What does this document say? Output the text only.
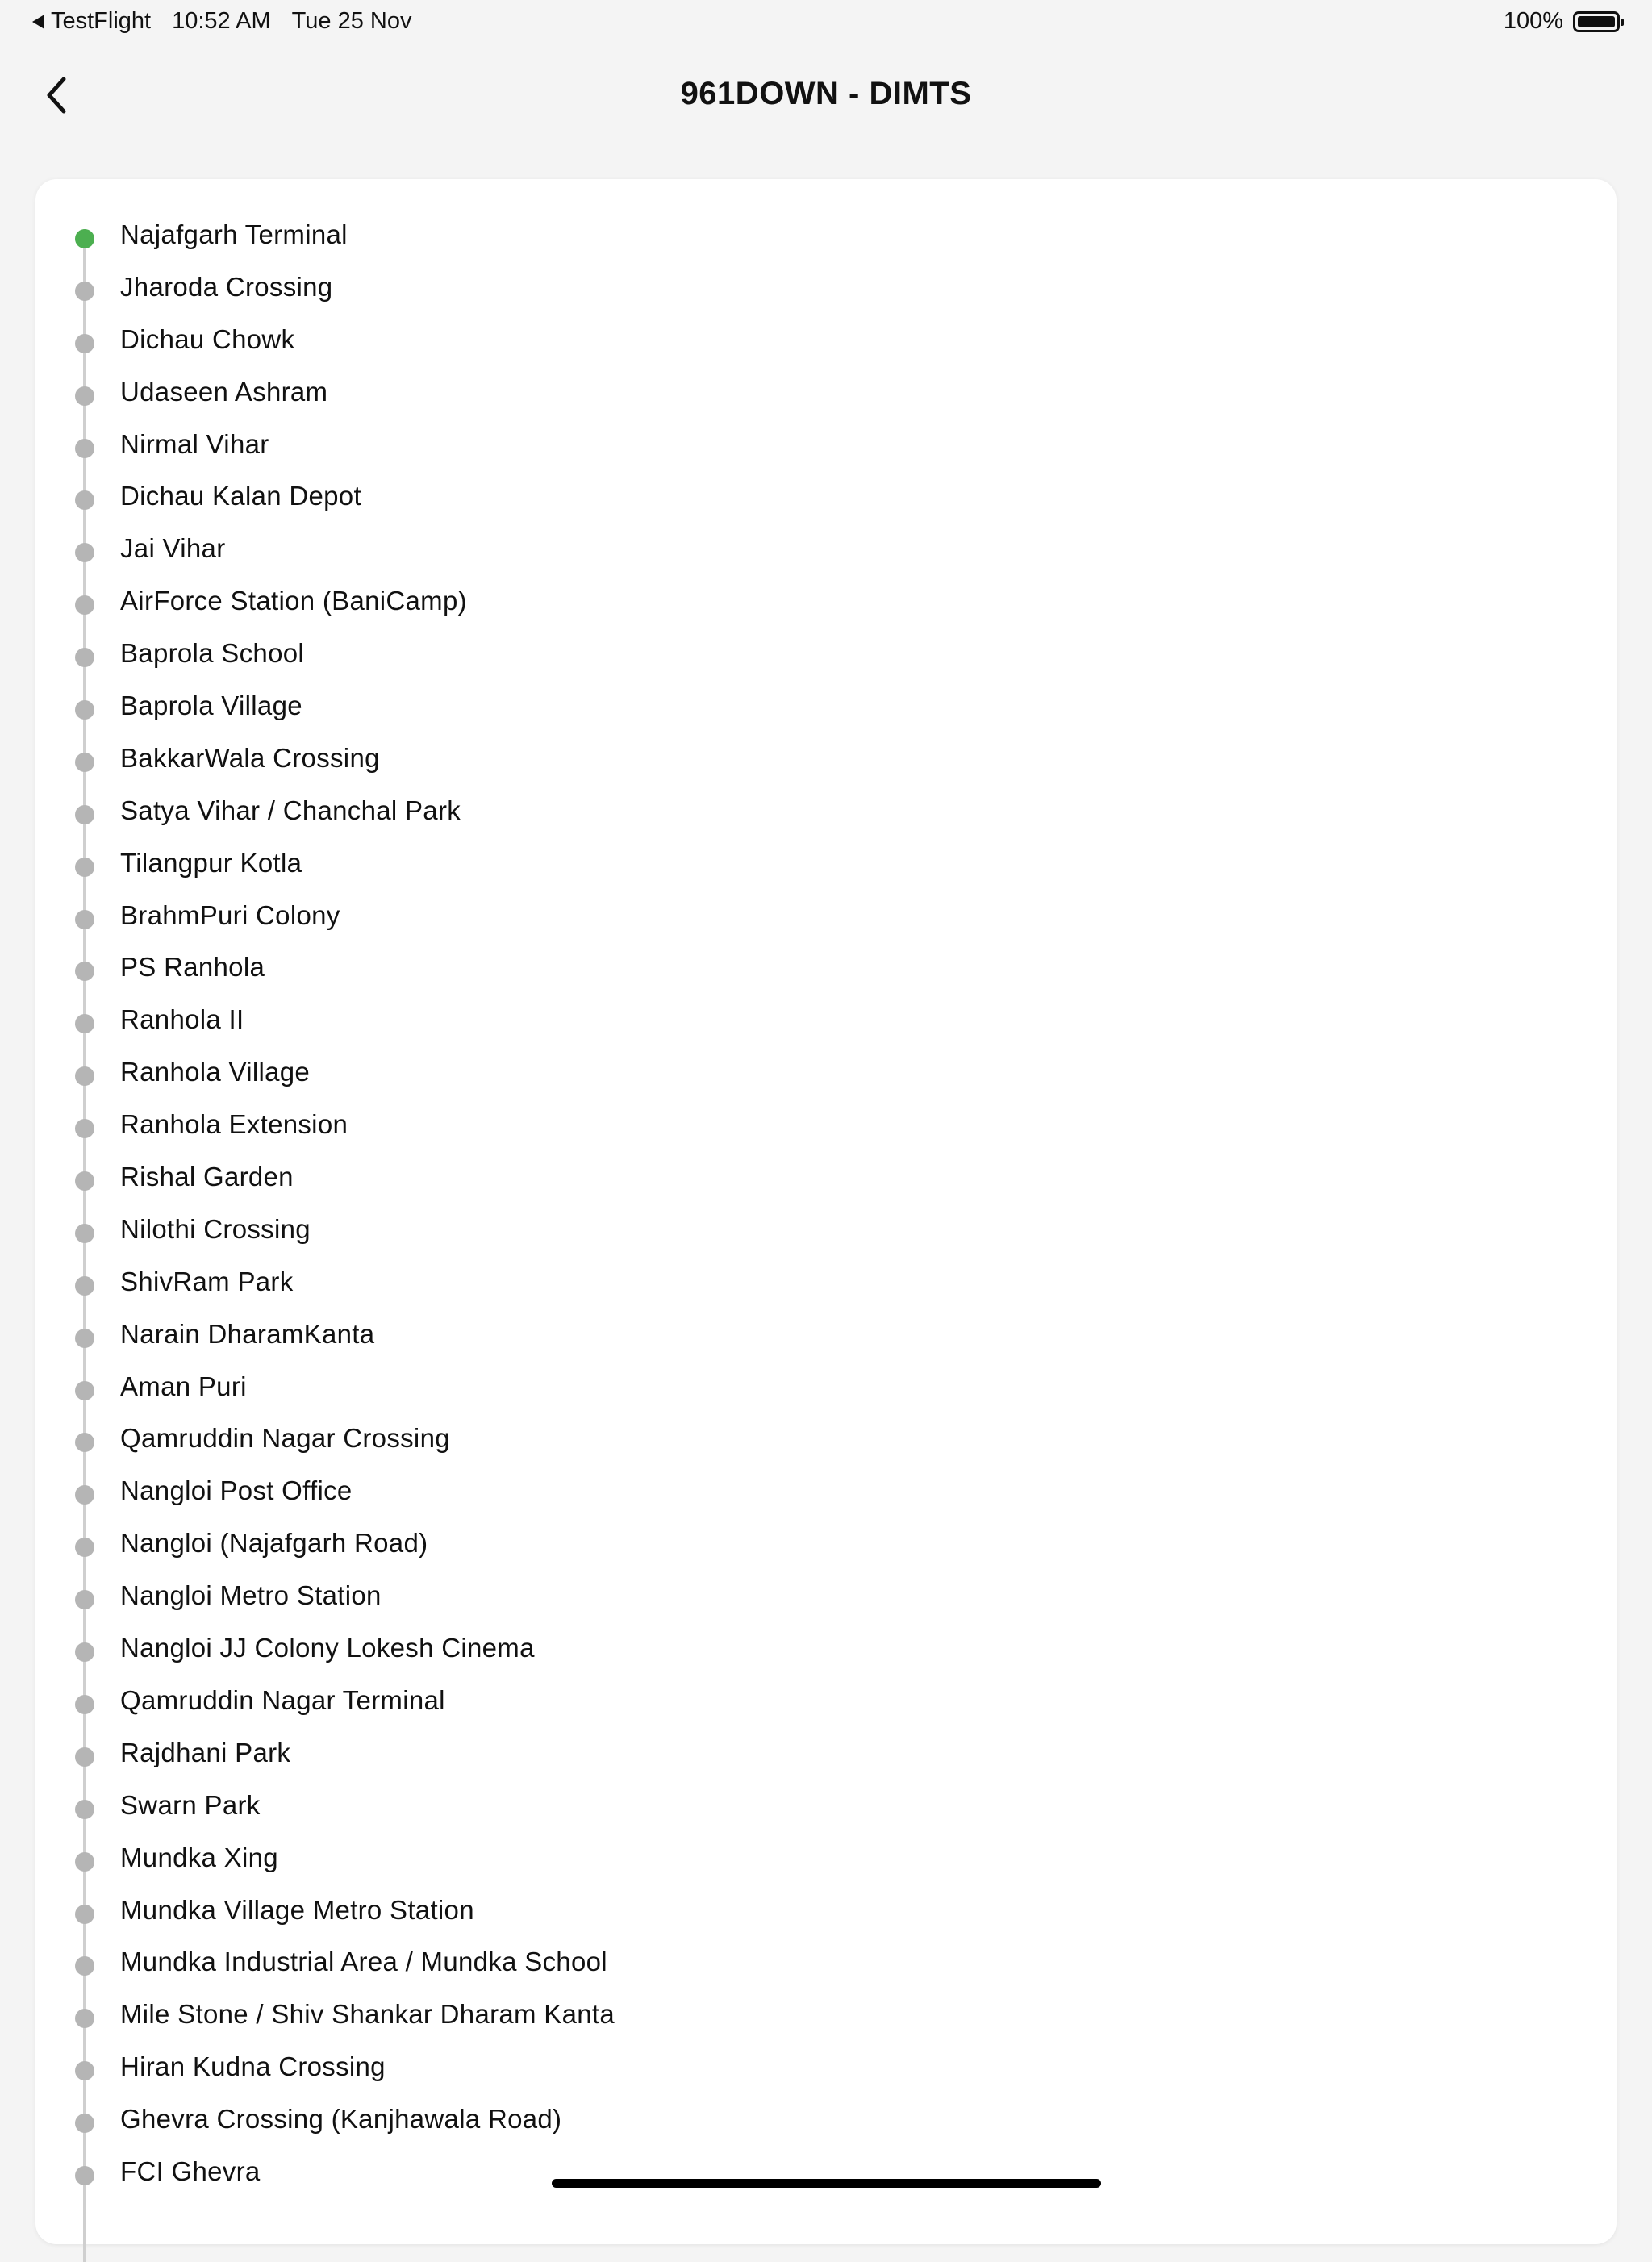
TestFlight 10:52 AM Tue 25 Nov	100%
961DOWN - DIMTS
Najafgarh Terminal
Jharoda Crossing
Dichau Chowk
Udaseen Ashram
Nirmal Vihar
Dichau Kalan Depot
Jai Vihar
AirForce Station (BaniCamp)
Baprola School
Baprola Village
BakkarWala Crossing
Satya Vihar / Chanchal Park
Tilangpur Kotla
BrahmPuri Colony
PS Ranhola
Ranhola II
Ranhola Village
Ranhola Extension
Rishal Garden
Nilothi Crossing
ShivRam Park
Narain DharamKanta
Aman Puri
Qamruddin Nagar Crossing
Nangloi Post Office
Nangloi (Najafgarh Road)
Nangloi Metro Station
Nangloi JJ Colony Lokesh Cinema
Qamruddin Nagar Terminal
Rajdhani Park
Swarn Park
Mundka Xing
Mundka Village Metro Station
Mundka Industrial Area / Mundka School
Mile Stone / Shiv Shankar Dharam Kanta
Hiran Kudna Crossing
Ghevra Crossing (Kanjhawala Road)
FCI Ghevra
